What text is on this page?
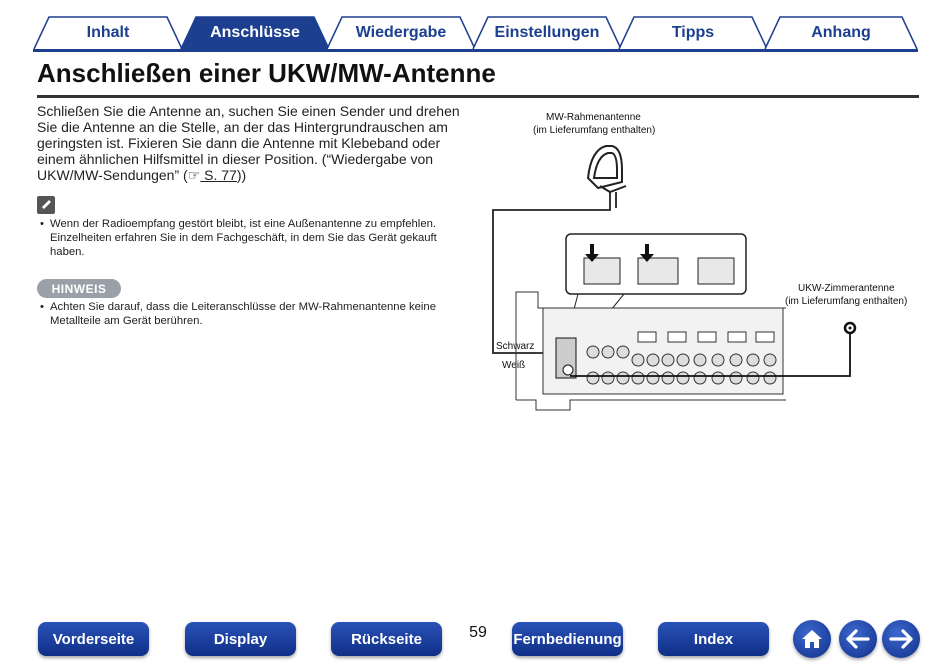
Inhalt	Anschlüsse	Wiedergabe	Einstellungen	Tipps	Anhang
Anschließen einer UKW/MW-Antenne
Schließen Sie die Antenne an, suchen Sie einen Sender und drehen Sie die Antenne an die Stelle, an der das Hintergrundrauschen am geringsten ist. Fixieren Sie dann die Antenne mit Klebeband oder einem ähnlichen Hilfsmittel in dieser Position. (“Wiedergabe von UKW/MW-Sendungen” (☞ S. 77))
• Wenn der Radioempfang gestört bleibt, ist eine Außenantenne zu empfehlen. Einzelheiten erfahren Sie in dem Fachgeschäft, in dem Sie das Gerät gekauft haben.
HINWEIS
• Achten Sie darauf, dass die Leiteranschlüsse der MW-Rahmenantenne keine Metallteile am Gerät berühren.
MW-Rahmenantenne
(im Lieferumfang enthalten)
UKW-Zimmerantenne
(im Lieferumfang enthalten)
Schwarz
Weiß
Vorderseite	Display	Rückseite	59	Fernbedienung	Index
